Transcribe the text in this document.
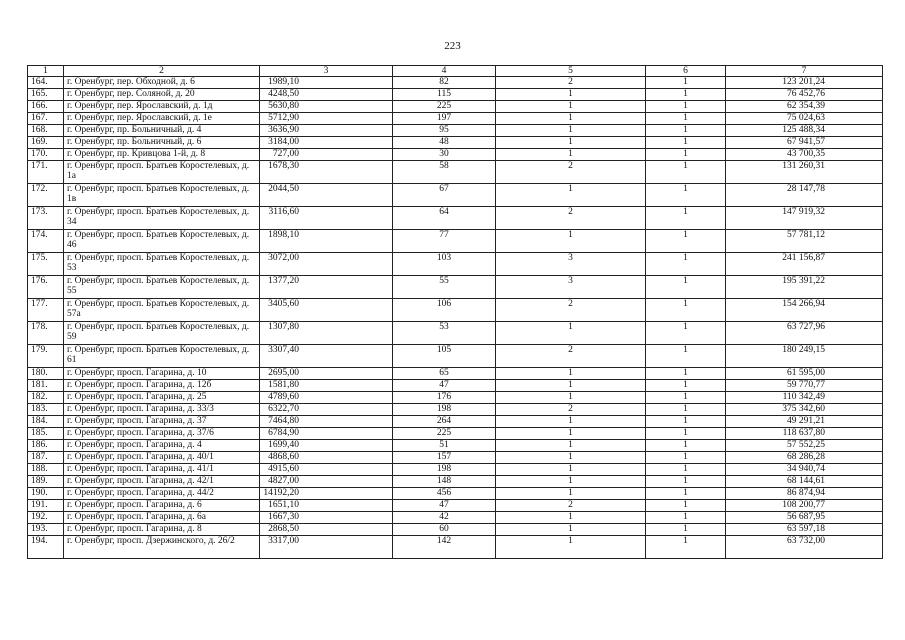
223
1	2	3	4	5	6	7
164.	г. Оренбург, пер. Обходной, д. 6	1989,10	82	2	1	123 201,24
165.	г. Оренбург, пер. Соляной, д. 20	4248,50	115	1	1	76 452,76
166.	г. Оренбург, пер. Ярославский, д. 1д	5630,80	225	1	1	62 354,39
167.	г. Оренбург, пер. Ярославский, д. 1е	5712,90	197	1	1	75 024,63
168.	г. Оренбург, пр. Больничный, д. 4	3636,90	95	1	1	125 488,34
169.	г. Оренбург, пр. Больничный, д. 6	3184,00	48	1	1	67 941,57
170.	г. Оренбург, пр. Кривцова 1-й, д. 8	727,00	30	1	1	43 700,35
171.	г. Оренбург, просп. Братьев Коростелевых, д. 1а	1678,30	58	2	1	131 260,31
172.	г. Оренбург, просп. Братьев Коростелевых, д. 1в	2044,50	67	1	1	28 147,78
173.	г. Оренбург, просп. Братьев Коростелевых, д. 34	3116,60	64	2	1	147 919,32
174.	г. Оренбург, просп. Братьев Коростелевых, д. 46	1898,10	77	1	1	57 781,12
175.	г. Оренбург, просп. Братьев Коростелевых, д. 53	3072,00	103	3	1	241 156,87
176.	г. Оренбург, просп. Братьев Коростелевых, д. 55	1377,20	55	3	1	195 391,22
177.	г. Оренбург, просп. Братьев Коростелевых, д. 57а	3405,60	106	2	1	154 266,94
178.	г. Оренбург, просп. Братьев Коростелевых, д. 59	1307,80	53	1	1	63 727,96
179.	г. Оренбург, просп. Братьев Коростелевых, д. 61	3307,40	105	2	1	180 249,15
180.	г. Оренбург, просп. Гагарина, д. 10	2695,00	65	1	1	61 595,00
181.	г. Оренбург, просп. Гагарина, д. 12б	1581,80	47	1	1	59 770,77
182.	г. Оренбург, просп. Гагарина, д. 25	4789,60	176	1	1	110 342,49
183.	г. Оренбург, просп. Гагарина, д. 33/3	6322,70	198	2	1	375 342,60
184.	г. Оренбург, просп. Гагарина, д. 37	7464,80	264	1	1	49 291,21
185.	г. Оренбург, просп. Гагарина, д. 37/6	6784,90	225	1	1	118 637,80
186.	г. Оренбург, просп. Гагарина, д. 4	1699,40	51	1	1	57 552,25
187.	г. Оренбург, просп. Гагарина, д. 40/1	4868,60	157	1	1	68 286,28
188.	г. Оренбург, просп. Гагарина, д. 41/1	4915,60	198	1	1	34 940,74
189.	г. Оренбург, просп. Гагарина, д. 42/1	4827,00	148	1	1	68 144,61
190.	г. Оренбург, просп. Гагарина, д. 44/2	14192,20	456	1	1	86 874,94
191.	г. Оренбург, просп. Гагарина, д. 6	1651,10	47	2	1	108 200,77
192.	г. Оренбург, просп. Гагарина, д. 6а	1667,30	42	1	1	56 687,95
193.	г. Оренбург, просп. Гагарина, д. 8	2868,50	60	1	1	63 597,18
194.	г. Оренбург, просп. Дзержинского, д. 26/2	3317,00	142	1	1	63 732,00
